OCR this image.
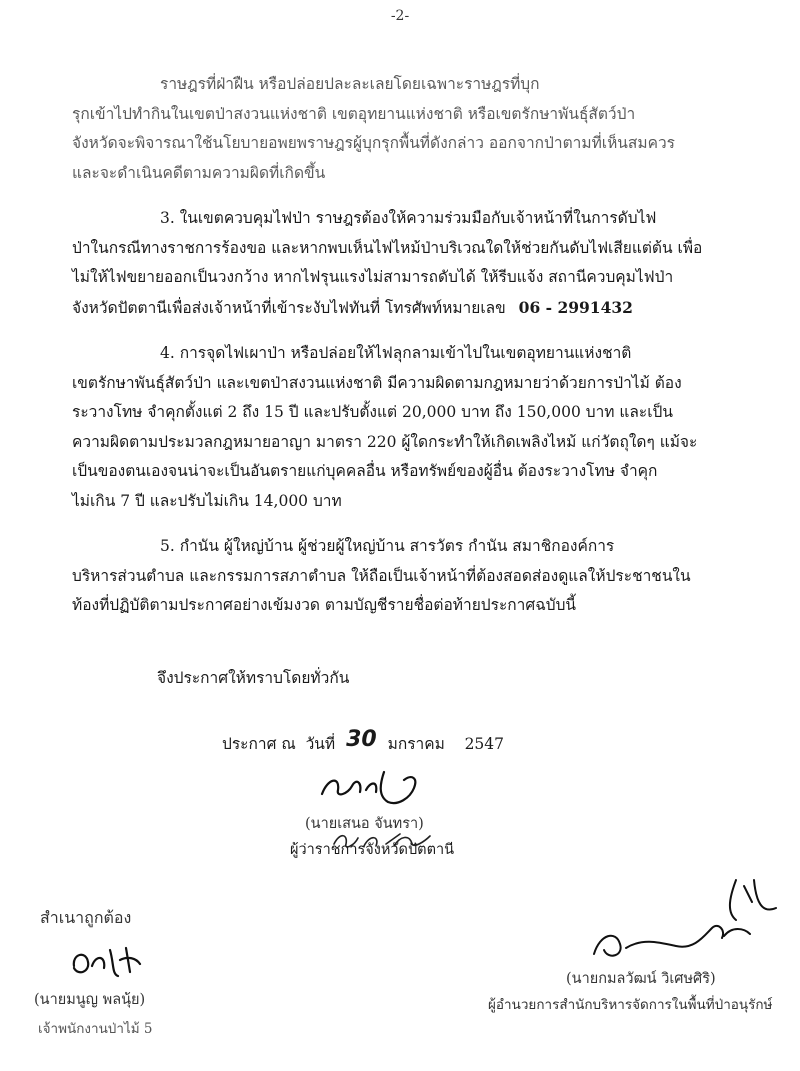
-2-

ราษฎรที่ฝ่าฝืน หรือปล่อยปละละเลยโดยเฉพาะราษฎรที่บุก

รุกเข้าไปทำกินในเขตป่าสงวนแห่งชาติ เขตอุทยานแห่งชาติ หรือเขตรักษาพันธุ์สัตว์ป่า

จังหวัดจะพิจารณาใช้นโยบายอพยพราษฎรผู้บุกรุกพื้นที่ดังกล่าว ออกจากป่าตามที่เห็นสมควร

และจะดำเนินคดีตามความผิดที่เกิดขึ้น

3. ในเขตควบคุมไฟป่า ราษฎรต้องให้ความร่วมมือกับเจ้าหน้าที่ในการดับไฟ

ป่าในกรณีทางราชการร้องขอ และหากพบเห็นไฟไหม้ป่าบริเวณใดให้ช่วยกันดับไฟเสียแต่ต้น เพื่อ

ไม่ให้ไฟขยายออกเป็นวงกว้าง หากไฟรุนแรงไม่สามารถดับได้ ให้รีบแจ้ง สถานีควบคุมไฟป่า

จังหวัดปัตตานีเพื่อส่งเจ้าหน้าที่เข้าระงับไฟทันที่ โทรศัพท์หมายเลข 06 - 2991432

4. การจุดไฟเผาป่า หรือปล่อยให้ไฟลุกลามเข้าไปในเขตอุทยานแห่งชาติ

เขตรักษาพันธุ์สัตว์ป่า และเขตป่าสงวนแห่งชาติ มีความผิดตามกฎหมายว่าด้วยการป่าไม้ ต้อง

ระวางโทษ จำคุกตั้งแต่ 2 ถึง 15 ปี และปรับตั้งแต่ 20,000 บาท ถึง 150,000 บาท และเป็น

ความผิดตามประมวลกฎหมายอาญา มาตรา 220 ผู้ใดกระทำให้เกิดเพลิงไหม้ แก่วัตถุใดๆ แม้จะ

เป็นของตนเองจนน่าจะเป็นอันตรายแก่บุคคลอื่น หรือทรัพย์ของผู้อื่น ต้องระวางโทษ จำคุก

ไม่เกิน 7 ปี และปรับไม่เกิน 14,000 บาท

5. กำนัน ผู้ใหญ่บ้าน ผู้ช่วยผู้ใหญ่บ้าน สารวัตร กำนัน สมาชิกองค์การ

บริหารส่วนตำบล และกรรมการสภาตำบล ให้ถือเป็นเจ้าหน้าที่ต้องสอดส่องดูแลให้ประชาชนใน

ท้องที่ปฏิบัติตามประกาศอย่างเข้มงวด ตามบัญชีรายชื่อต่อท้ายประกาศฉบับนี้

จึงประกาศให้ทราบโดยทั่วกัน
ประกาศ ณ วันที่ 30 มกราคม 2547
(นายเสนอ จันทรา)
ผู้ว่าราชการจังหวัดปัตตานี
สำเนาถูกต้อง
(นายมนูญ พลนุ้ย)
เจ้าพนักงานป่าไม้ 5
(นายกมลวัฒน์ วิเศษศิริ)
ผู้อำนวยการสำนักบริหารจัดการในพื้นที่ป่าอนุรักษ์
